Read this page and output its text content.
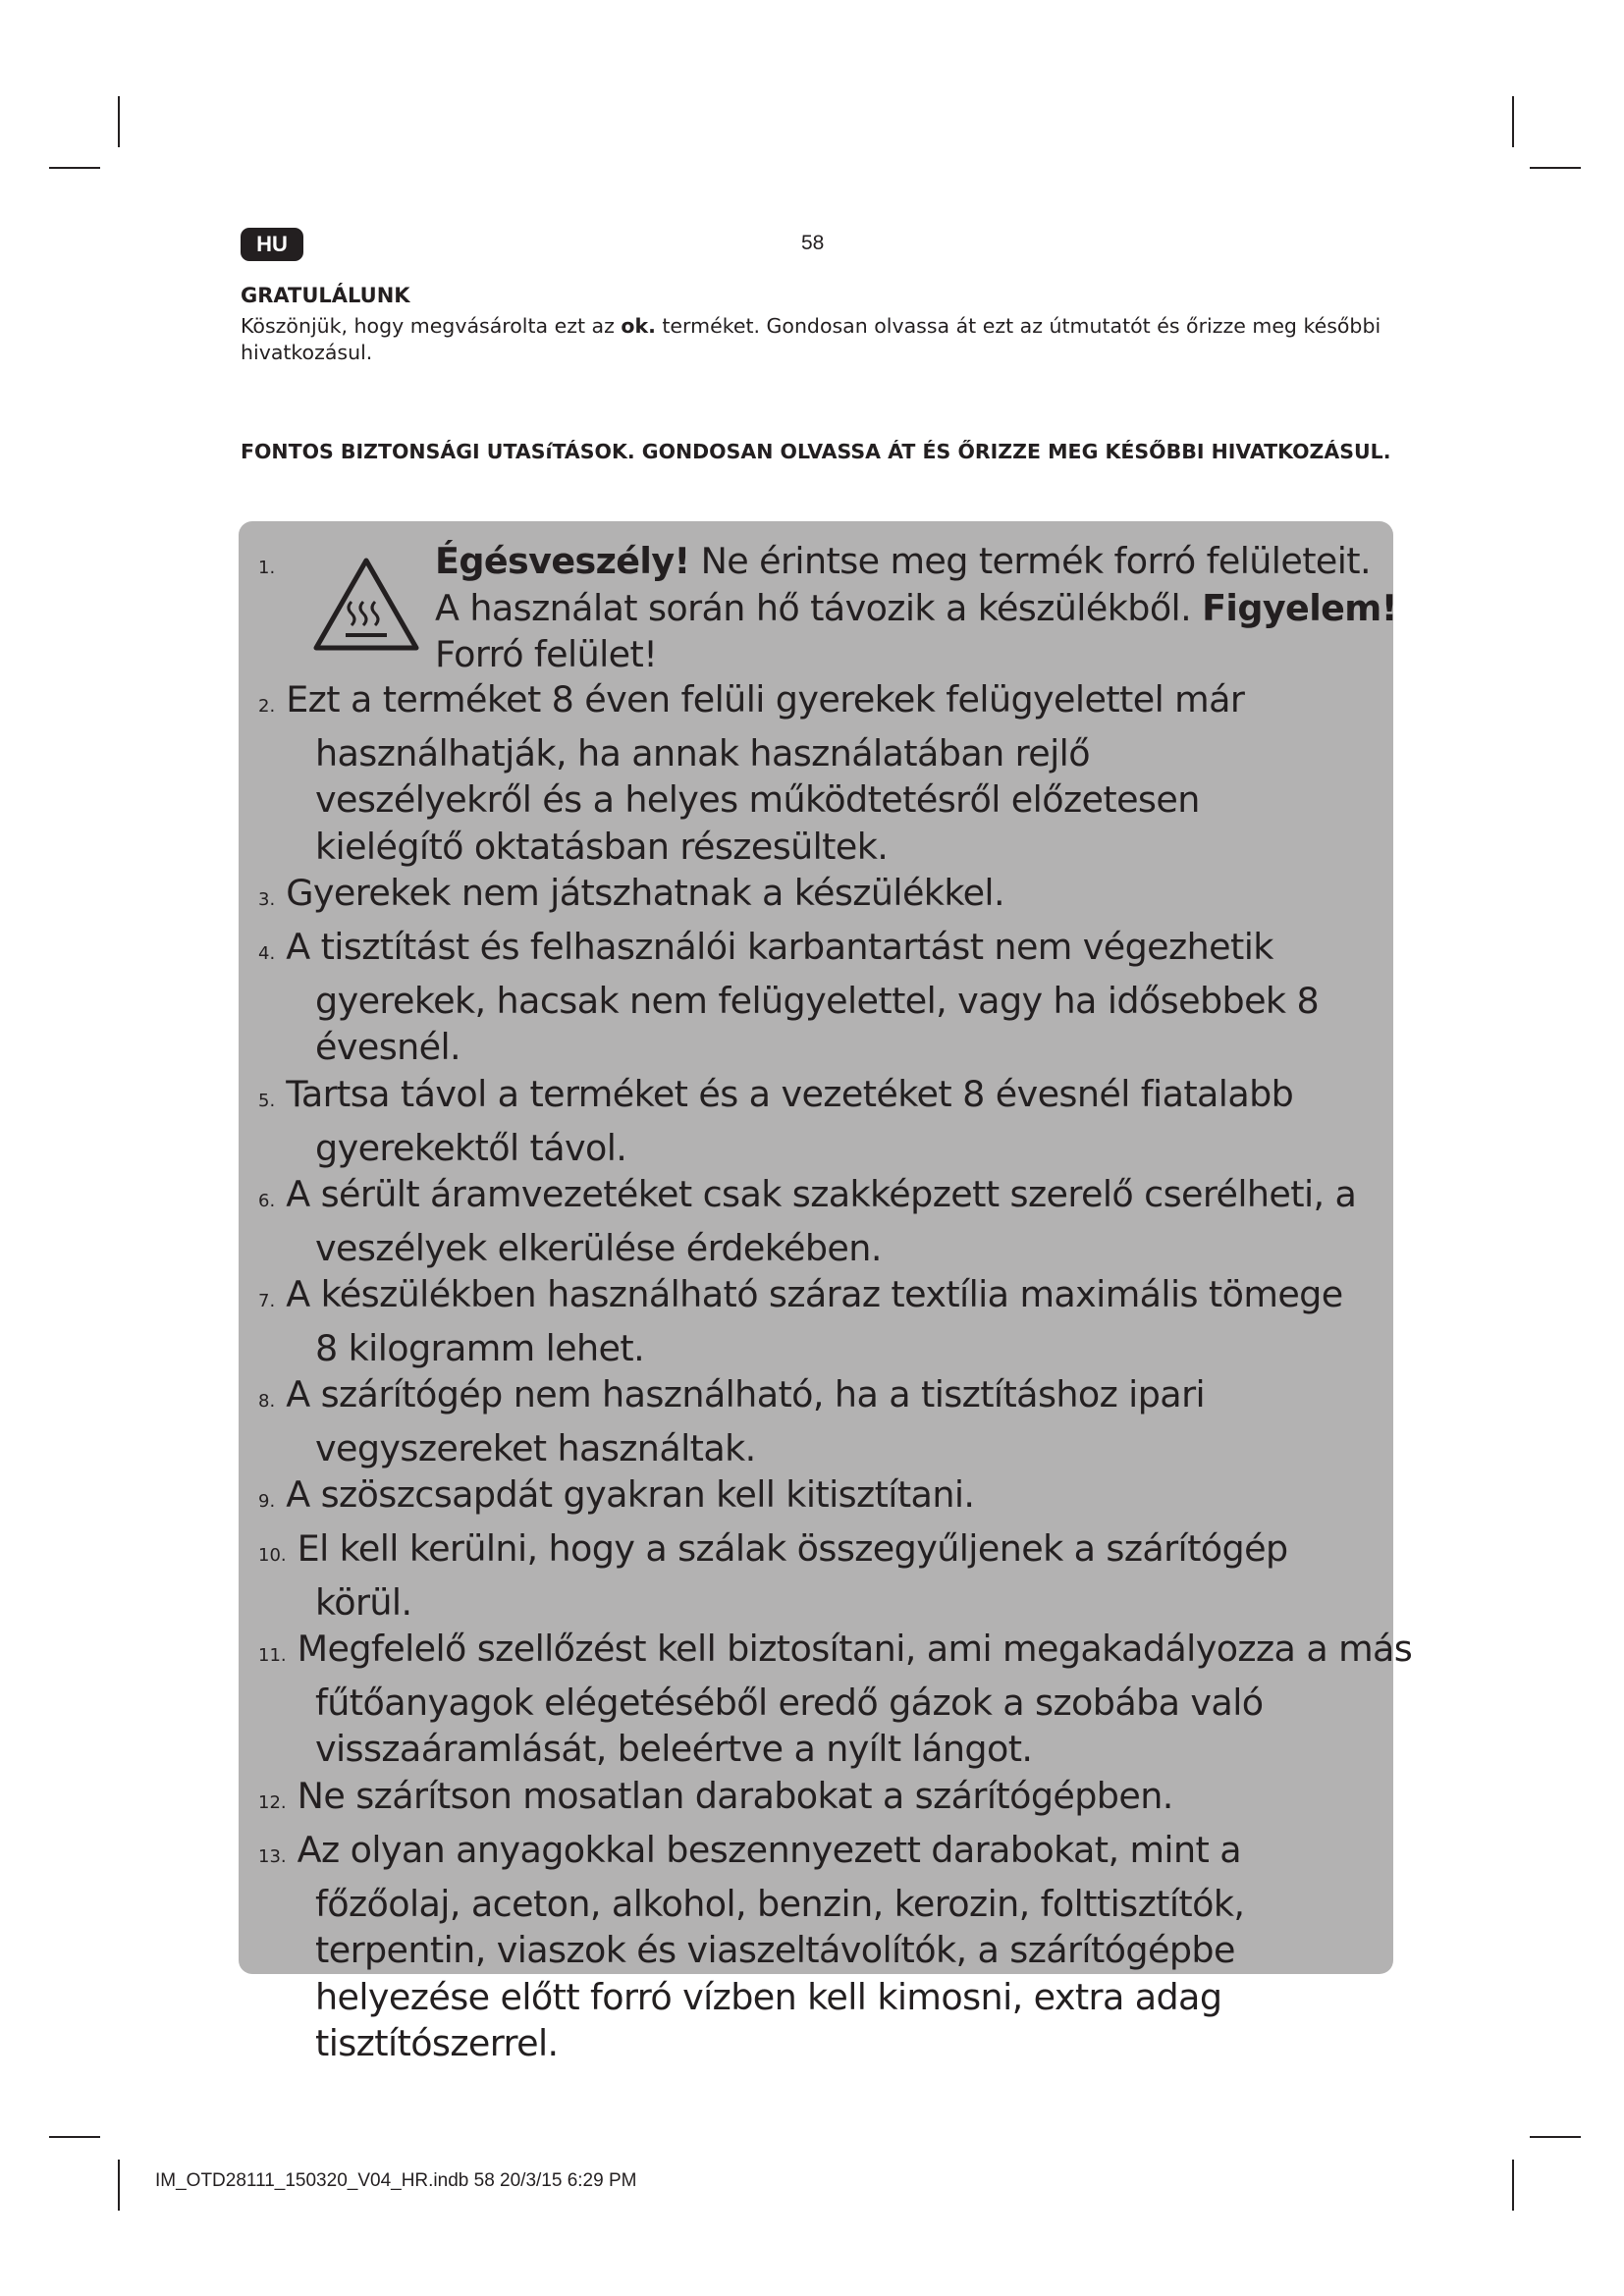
HU	58

GRATULÁLUNK

Köszönjük, hogy megvásárolta ezt az ok. terméket. Gondosan olvassa át ezt az útmutatót és őrizze meg későbbi hivatkozásul.

FONTOS BIZTONSÁGI UTASíTÁSOK. GONDOSAN OLVASSA ÁT ÉS ŐRIZZE MEG KÉSŐBBI HIVATKOZÁSUL.

1.	Égésveszély! Ne érintse meg termék forró felületeit. A használat során hő távozik a készülékből. Figyelem! Forró felület!

2. Ezt a terméket 8 éven felüli gyerekek felügyelettel már használhatják, ha annak használatában rejlő veszélyekről és a helyes működtetésről előzetesen kielégítő oktatásban részesültek.

3. Gyerekek nem játszhatnak a készülékkel.

4. A tisztítást és felhasználói karbantartást nem végezhetik gyerekek, hacsak nem felügyelettel, vagy ha idősebbek 8 évesnél.

5. Tartsa távol a terméket és a vezetéket 8 évesnél fiatalabb gyerekektől távol.

6. A sérült áramvezetéket csak szakképzett szerelő cserélheti, a veszélyek elkerülése érdekében.

7. A készülékben használható száraz textília maximális tömege 8 kilogramm lehet.

8. A szárítógép nem használható, ha a tisztításhoz ipari vegyszereket használtak.

9. A szöszcsapdát gyakran kell kitisztítani.

10. El kell kerülni, hogy a szálak összegyűljenek a szárítógép körül.

11. Megfelelő szellőzést kell biztosítani, ami megakadályozza a más fűtőanyagok elégetéséből eredő gázok a szobába való visszaáramlását, beleértve a nyílt lángot.

12. Ne szárítson mosatlan darabokat a szárítógépben.

13. Az olyan anyagokkal beszennyezett darabokat, mint a főzőolaj, aceton, alkohol, benzin, kerozin, folttisztítók, terpentin, viaszok és viaszeltávolítók, a szárítógépbe helyezése előtt forró vízben kell kimosni, extra adag tisztítószerrel.

IM_OTD28111_150320_V04_HR.indb 58 20/3/15 6:29 PM
